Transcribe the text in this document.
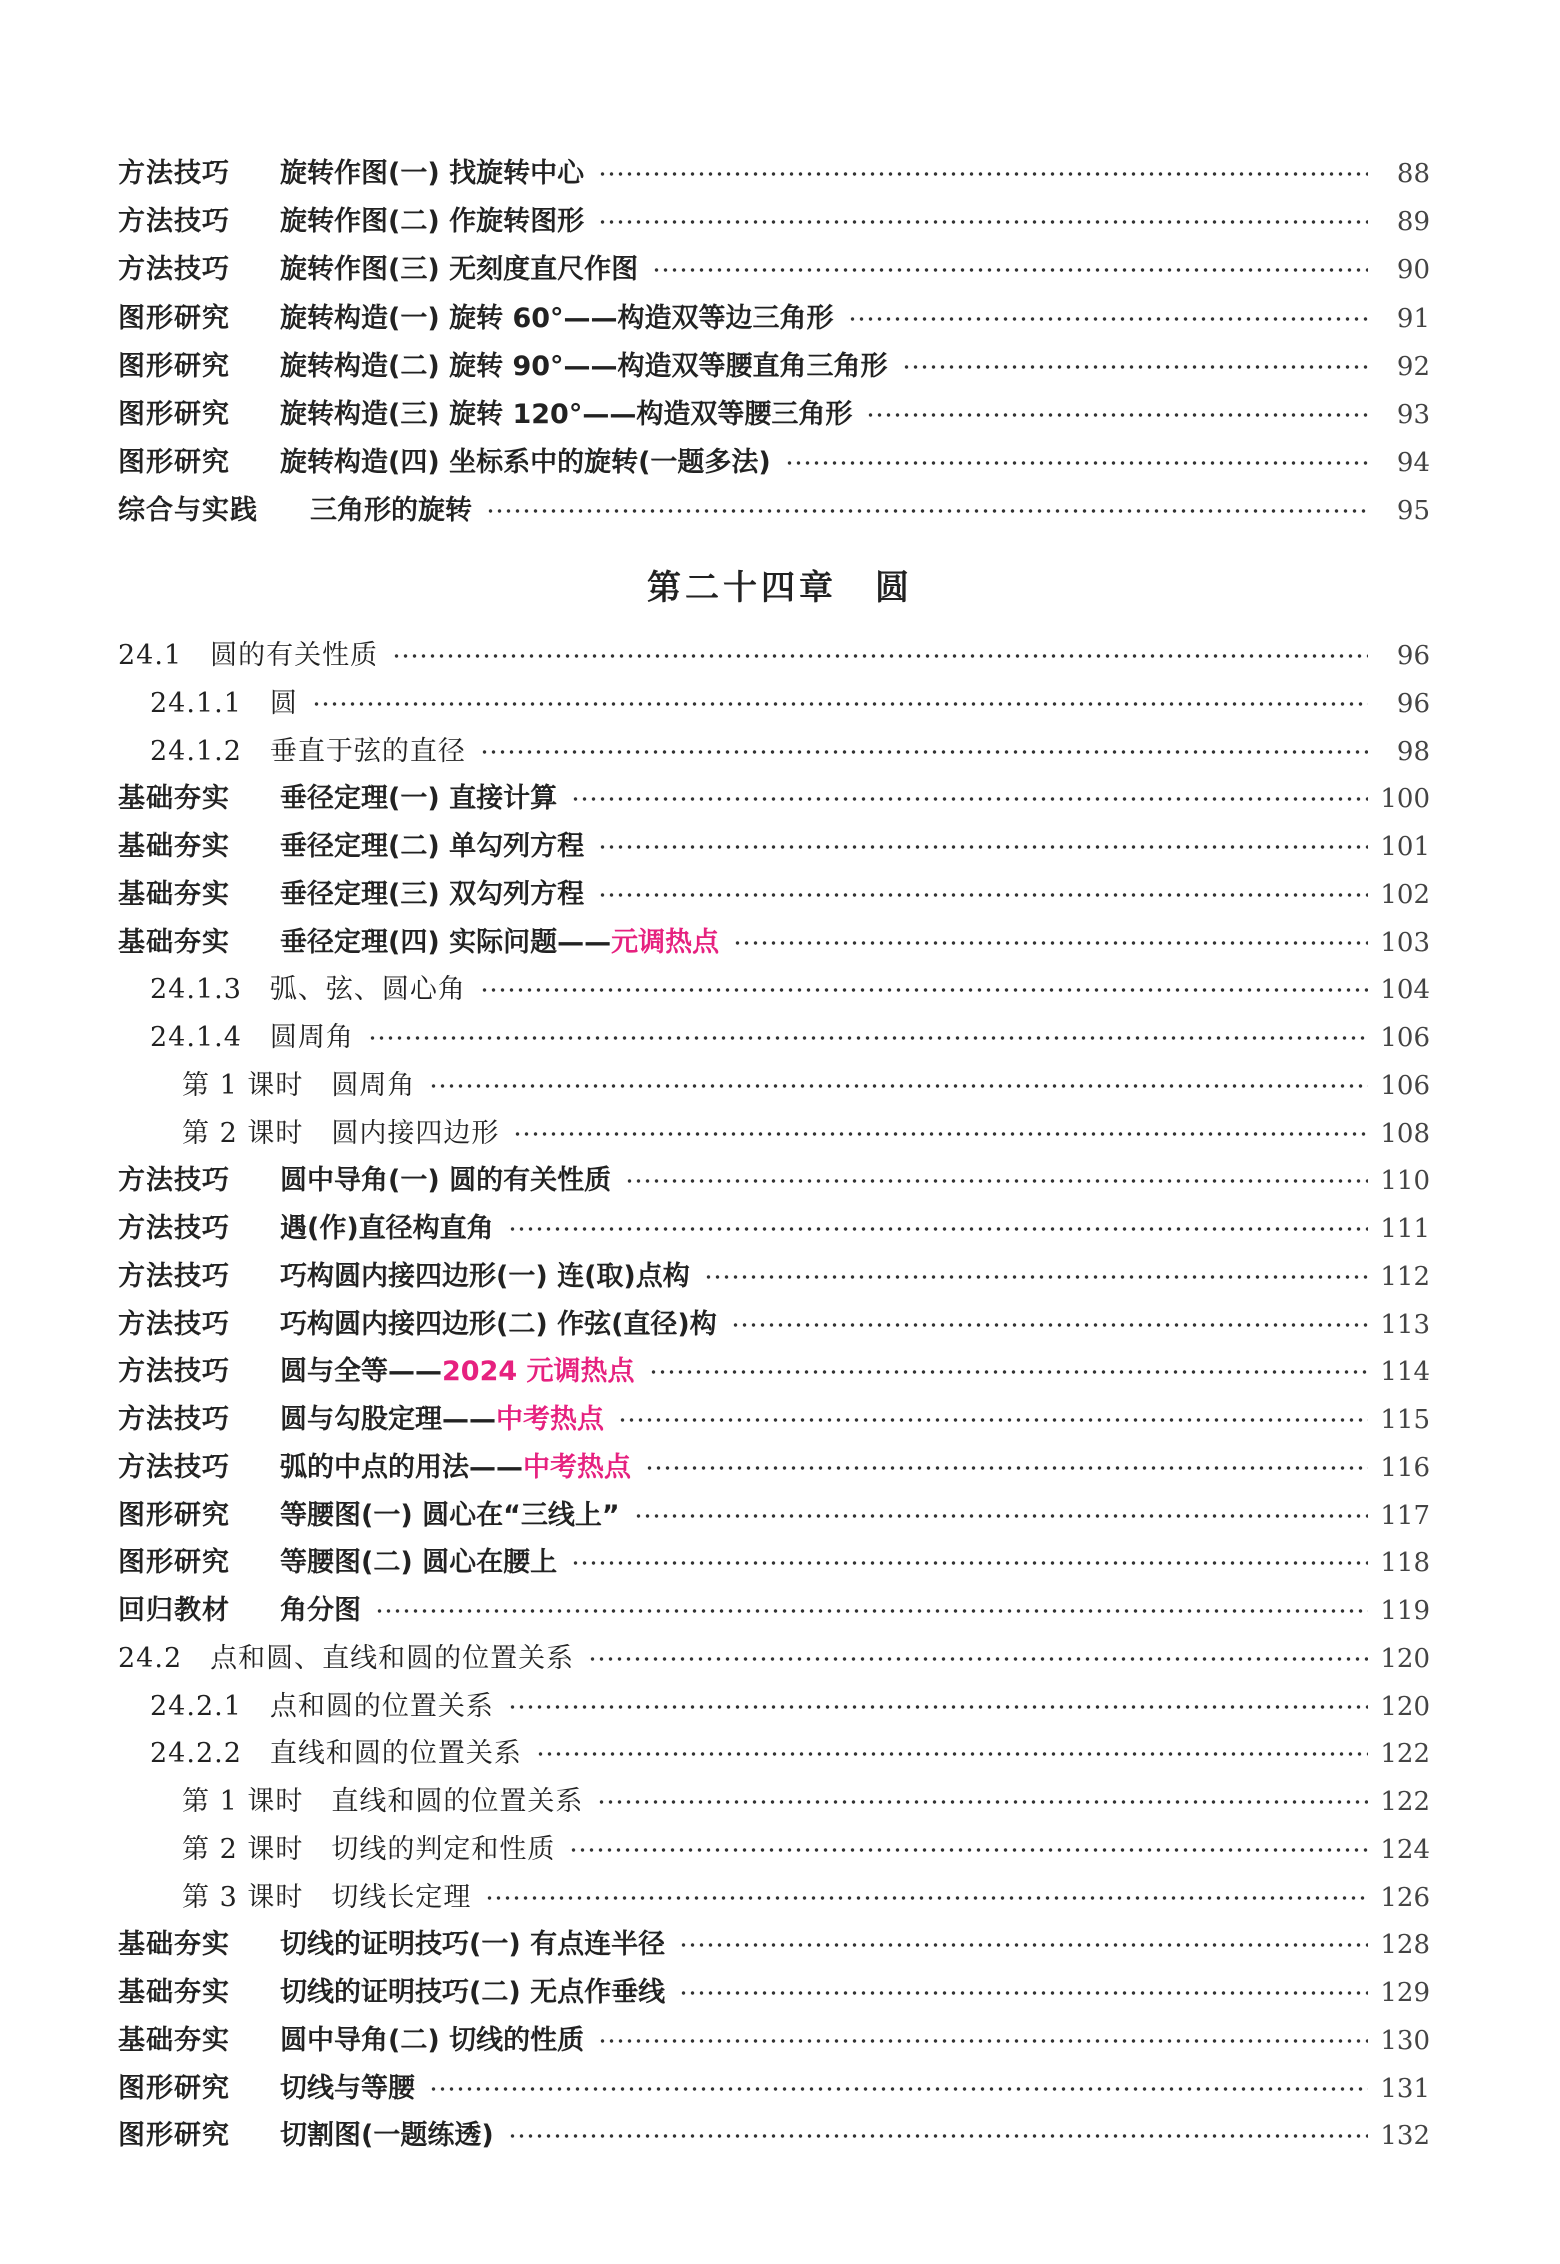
第二十四章　圆
方法技巧	旋转作图(一) 找旋转中心	88
方法技巧	旋转作图(二) 作旋转图形	89
方法技巧	旋转作图(三) 无刻度直尺作图	90
图形研究	旋转构造(一) 旋转 60°——构造双等边三角形	91
图形研究	旋转构造(二) 旋转 90°——构造双等腰直角三角形	92
图形研究	旋转构造(三) 旋转 120°——构造双等腰三角形	93
图形研究	旋转构造(四) 坐标系中的旋转(一题多法)	94
综合与实践	三角形的旋转	95
24.1　圆的有关性质	96
24.1.1　圆	96
24.1.2　垂直于弦的直径	98
基础夯实	垂径定理(一) 直接计算	100
基础夯实	垂径定理(二) 单勾列方程	101
基础夯实	垂径定理(三) 双勾列方程	102
基础夯实	垂径定理(四) 实际问题——元调热点	103
24.1.3　弧、弦、圆心角	104
24.1.4　圆周角	106
第 1 课时　圆周角	106
第 2 课时　圆内接四边形	108
方法技巧	圆中导角(一) 圆的有关性质	110
方法技巧	遇(作)直径构直角	111
方法技巧	巧构圆内接四边形(一) 连(取)点构	112
方法技巧	巧构圆内接四边形(二) 作弦(直径)构	113
方法技巧	圆与全等——2024 元调热点	114
方法技巧	圆与勾股定理——中考热点	115
方法技巧	弧的中点的用法——中考热点	116
图形研究	等腰图(一) 圆心在“三线上”	117
图形研究	等腰图(二) 圆心在腰上	118
回归教材	角分图	119
24.2　点和圆、直线和圆的位置关系	120
24.2.1　点和圆的位置关系	120
24.2.2　直线和圆的位置关系	122
第 1 课时　直线和圆的位置关系	122
第 2 课时　切线的判定和性质	124
第 3 课时　切线长定理	126
基础夯实	切线的证明技巧(一) 有点连半径	128
基础夯实	切线的证明技巧(二) 无点作垂线	129
基础夯实	圆中导角(二) 切线的性质	130
图形研究	切线与等腰	131
图形研究	切割图(一题练透)	132
